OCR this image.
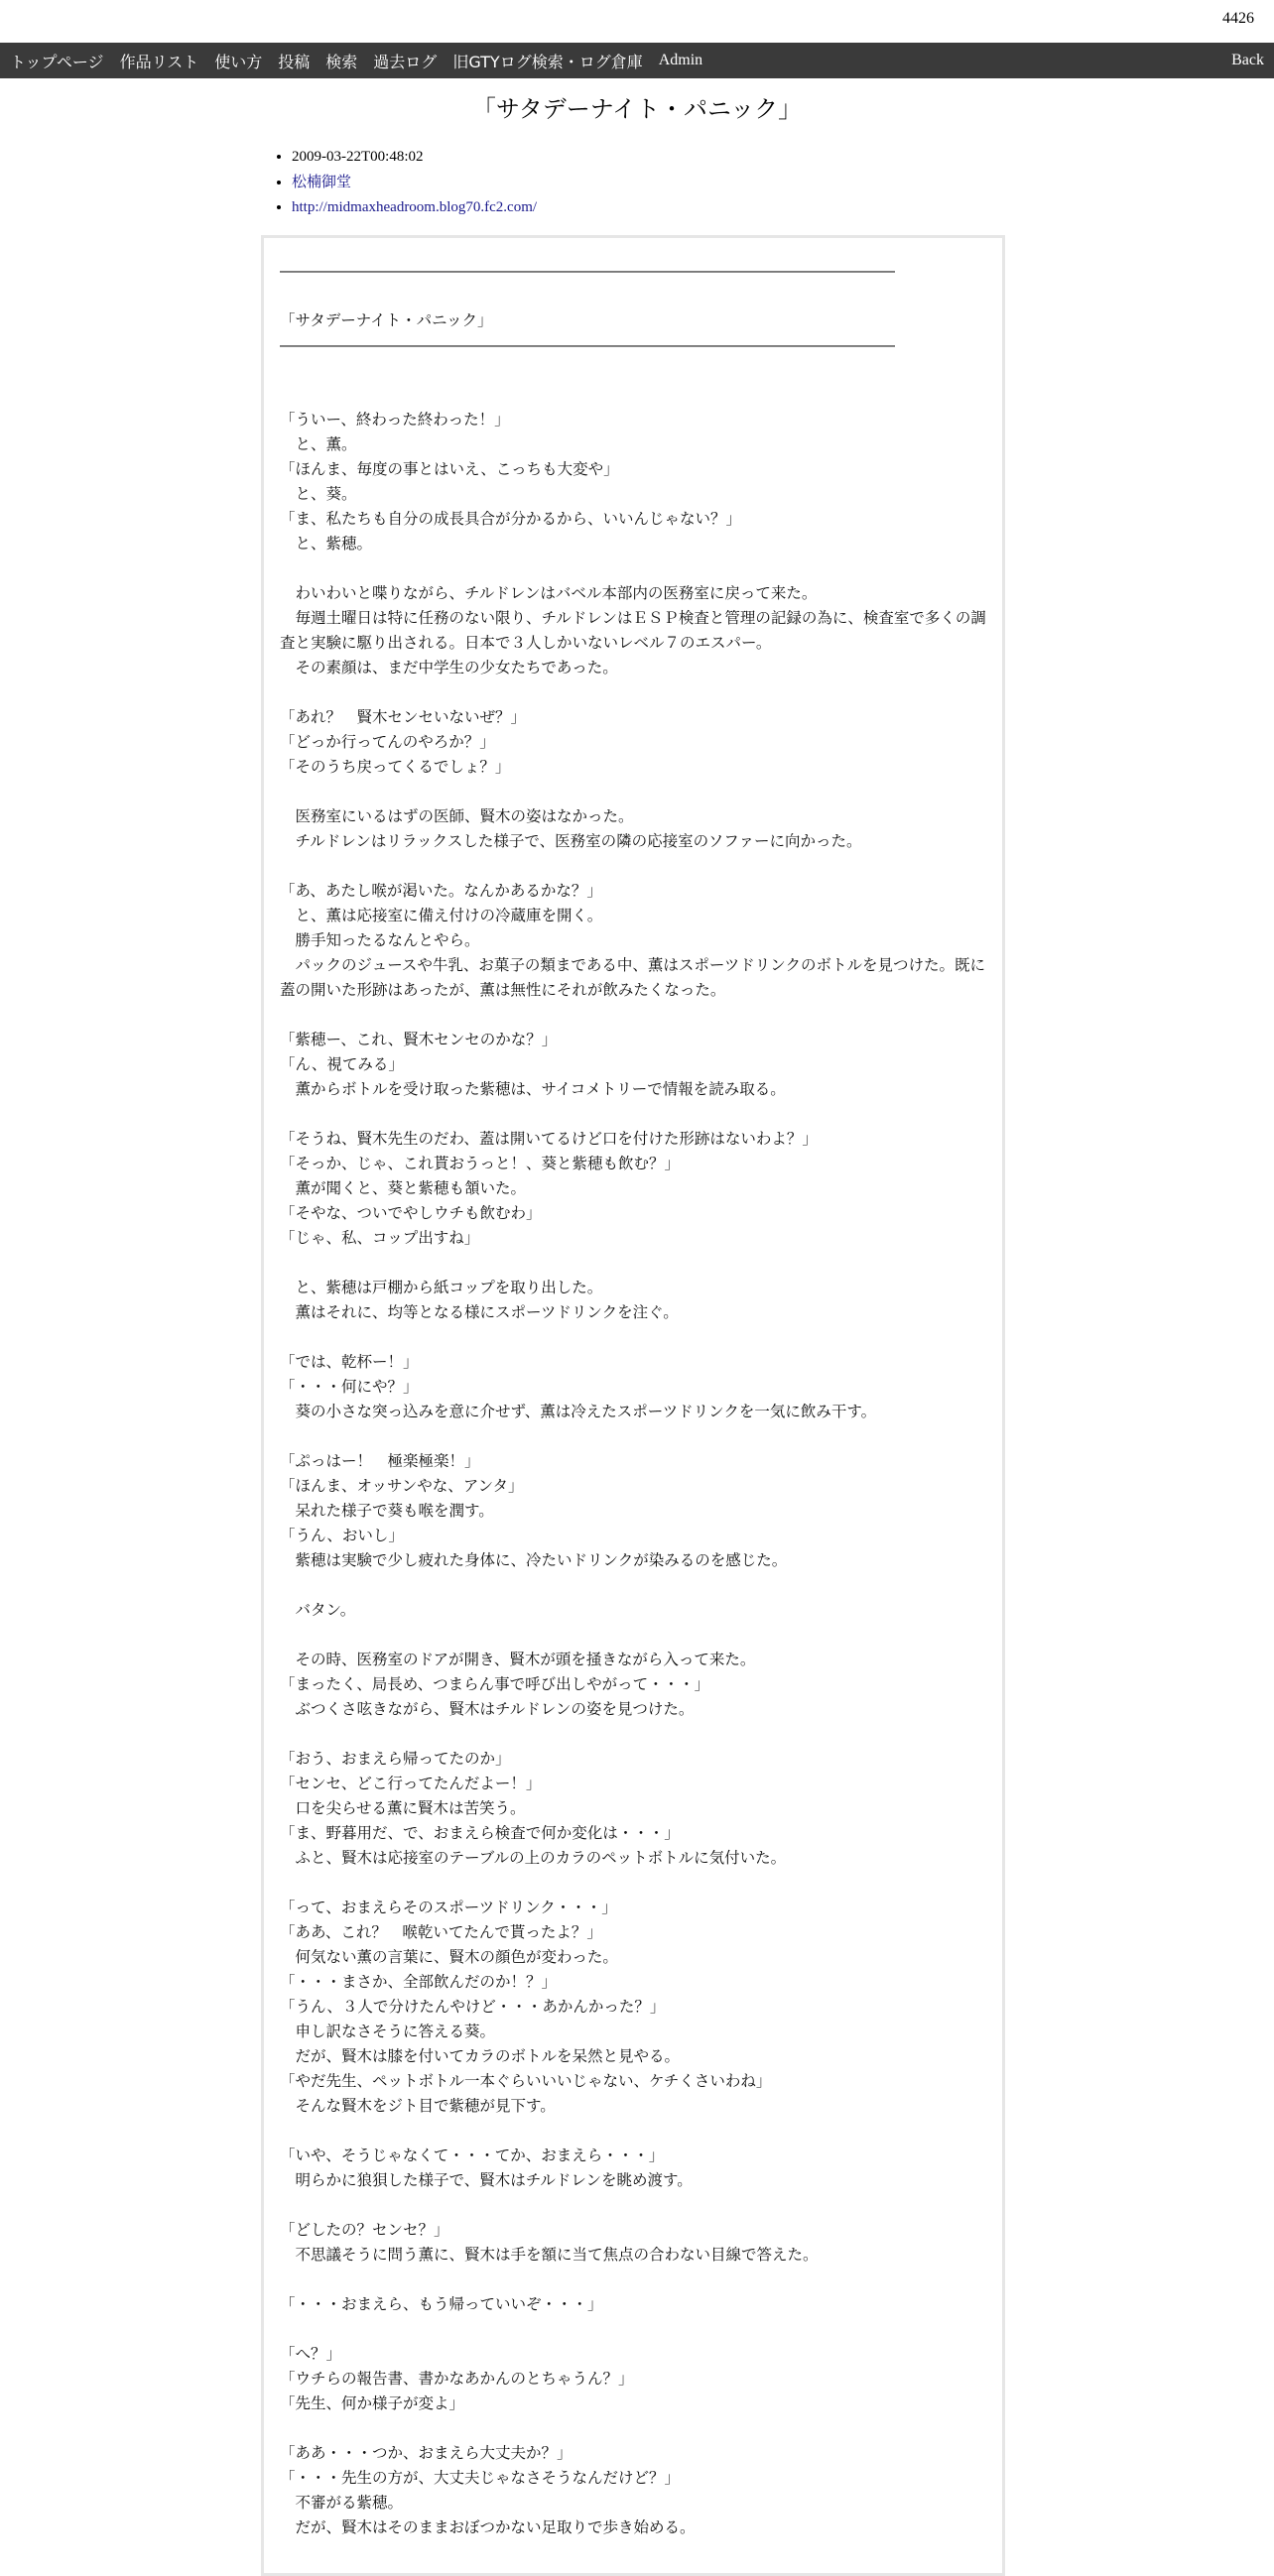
4426
トップページ 作品リスト 使い方 投稿 検索 過去ログ 旧GTYログ検索・ログ倉庫 Admin	Back
「サタデーナイト・パニック」
• 2009-03-22T00:48:02
• 松楠御堂
• http://midmaxheadroom.blog70.fc2.com/
――――――――――――――――――――――――――――――――――――――――

「サタデーナイト・パニック」
――――――――――――――――――――――――――――――――――――――――

「ういー、終わった終わった！」
　と、薫。
「ほんま、毎度の事とはいえ、こっちも大変や」
　と、葵。
「ま、私たちも自分の成長具合が分かるから、いいんじゃない？」
　と、紫穂。

　わいわいと喋りながら、チルドレンはバベル本部内の医務室に戻って来た。
　毎週土曜日は特に任務のない限り、チルドレンはＥＳＰ検査と管理の記録の為に、検査室で多くの調査と実験に駆り出される。日本で３人しかいないレベル７のエスパー。
　その素顔は、まだ中学生の少女たちであった。

「あれ？　賢木センセいないぜ？」
「どっか行ってんのやろか？」
「そのうち戻ってくるでしょ？」

　医務室にいるはずの医師、賢木の姿はなかった。
　チルドレンはリラックスした様子で、医務室の隣の応接室のソファーに向かった。

「あ、あたし喉が渇いた。なんかあるかな？」
　と、薫は応接室に備え付けの冷蔵庫を開く。
　勝手知ったるなんとやら。
　パックのジュースや牛乳、お菓子の類まである中、薫はスポーツドリンクのボトルを見つけた。既に蓋の開いた形跡はあったが、薫は無性にそれが飲みたくなった。

「紫穂ー、これ、賢木センセのかな？」
「ん、視てみる」
　薫からボトルを受け取った紫穂は、サイコメトリーで情報を読み取る。

「そうね、賢木先生のだわ、蓋は開いてるけど口を付けた形跡はないわよ？」
「そっか、じゃ、これ貰おうっと！、葵と紫穂も飲む？」
　薫が聞くと、葵と紫穂も頷いた。
「そやな、ついでやしウチも飲むわ」
「じゃ、私、コップ出すね」

　と、紫穂は戸棚から紙コップを取り出した。
　薫はそれに、均等となる様にスポーツドリンクを注ぐ。

「では、乾杯ー！」
「・・・何にや？」
　葵の小さな突っ込みを意に介せず、薫は冷えたスポーツドリンクを一気に飲み干す。

「ぷっはー！　極楽極楽！」
「ほんま、オッサンやな、アンタ」
　呆れた様子で葵も喉を潤す。
「うん、おいし」
　紫穂は実験で少し疲れた身体に、冷たいドリンクが染みるのを感じた。

　バタン。

　その時、医務室のドアが開き、賢木が頭を掻きながら入って来た。
「まったく、局長め、つまらん事で呼び出しやがって・・・」
　ぶつくさ呟きながら、賢木はチルドレンの姿を見つけた。

「おう、おまえら帰ってたのか」
「センセ、どこ行ってたんだよー！」
　口を尖らせる薫に賢木は苦笑う。
「ま、野暮用だ、で、おまえら検査で何か変化は・・・」
　ふと、賢木は応接室のテーブルの上のカラのペットボトルに気付いた。

「って、おまえらそのスポーツドリンク・・・」
「ああ、これ？　喉乾いてたんで貰ったよ？」
　何気ない薫の言葉に、賢木の顔色が変わった。
「・・・まさか、全部飲んだのか！？」
「うん、３人で分けたんやけど・・・あかんかった？」
　申し訳なさそうに答える葵。
　だが、賢木は膝を付いてカラのボトルを呆然と見やる。
「やだ先生、ペットボトル一本ぐらいいいじゃない、ケチくさいわね」
　そんな賢木をジト目で紫穂が見下す。

「いや、そうじゃなくて・・・てか、おまえら・・・」
　明らかに狼狽した様子で、賢木はチルドレンを眺め渡す。

「どしたの？センセ？」
　不思議そうに問う薫に、賢木は手を額に当て焦点の合わない目線で答えた。

「・・・おまえら、もう帰っていいぞ・・・」

「へ？」
「ウチらの報告書、書かなあかんのとちゃうん？」
「先生、何か様子が変よ」

「ああ・・・つか、おまえら大丈夫か？」
「・・・先生の方が、大丈夫じゃなさそうなんだけど？」
　不審がる紫穂。
　だが、賢木はそのままおぼつかない足取りで歩き始める。
